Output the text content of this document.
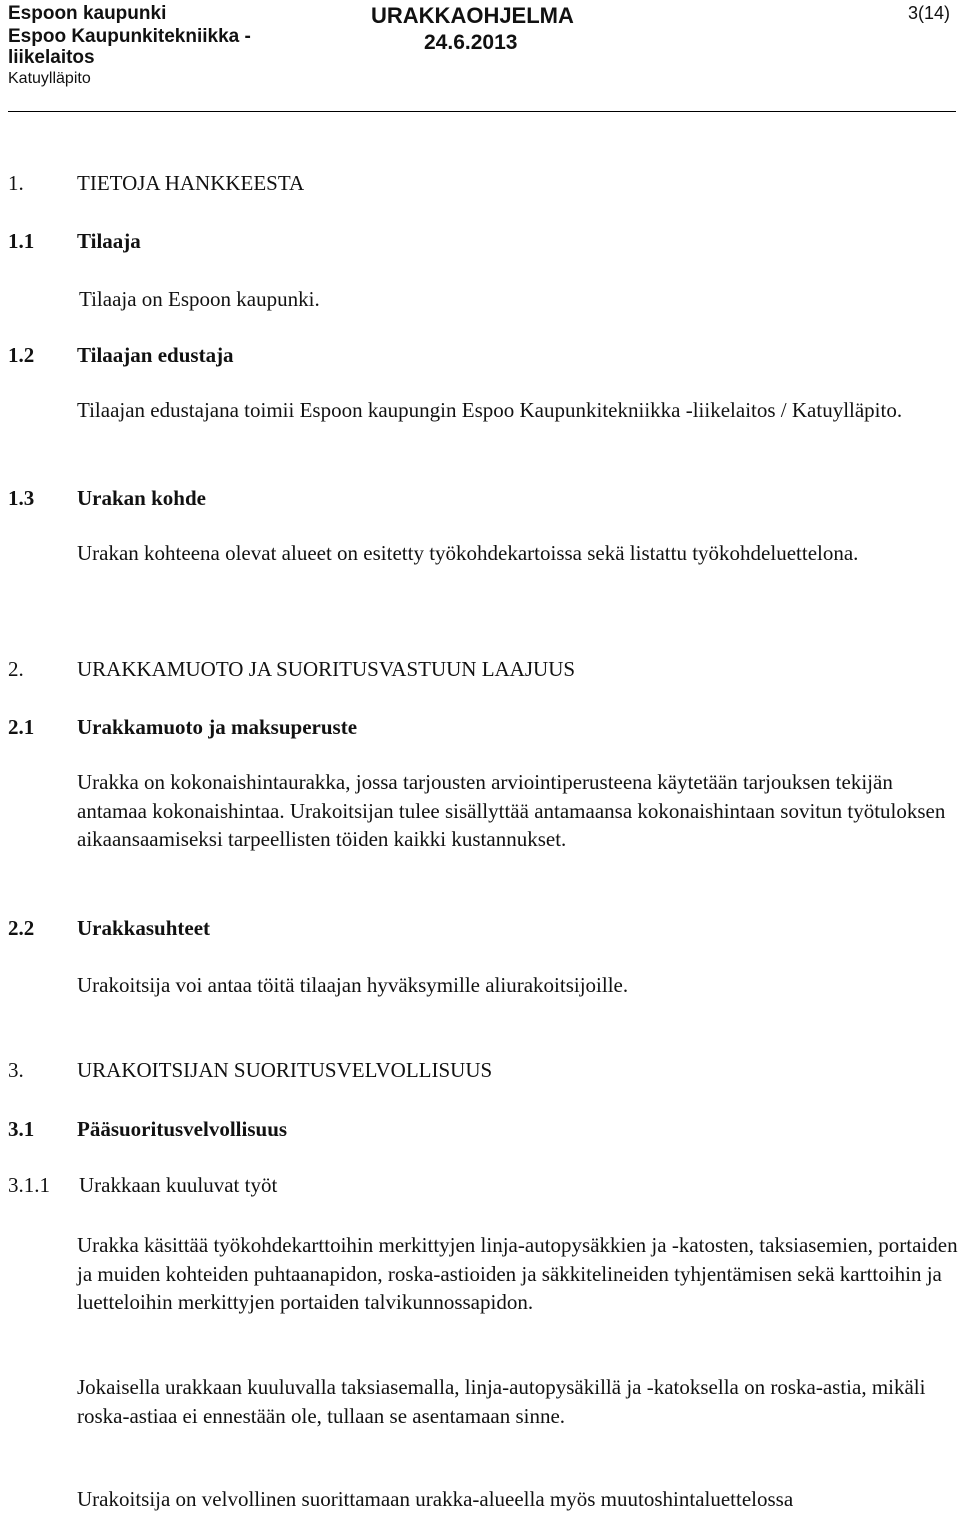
Espoon kaupunki
Espoo Kaupunkitekniikka -
liikelaitos
Katuylläpito
URAKKAOHJELMA
24.6.2013
3(14)
1.	TIETOJA HANKKEESTA
1.1 Tilaaja
Tilaaja on Espoon kaupunki.
1.2 Tilaajan edustaja
Tilaajan edustajana toimii Espoon kaupungin Espoo Kaupunkitekniikka -liikelaitos / Katuylläpito.
1.3 Urakan kohde
Urakan kohteena olevat alueet on esitetty työkohdekartoissa sekä listattu työkohdeluettelona.
2.	URAKKAMUOTO JA SUORITUSVASTUUN LAAJUUS
2.1 Urakkamuoto ja maksuperuste
Urakka on kokonaishintaurakka, jossa tarjousten arviointiperusteena käytetään tarjouksen tekijän antamaa kokonaishintaa. Urakoitsijan tulee sisällyttää antamaansa kokonaishintaan sovitun työtuloksen aikaansaamiseksi tarpeellisten töiden kaikki kustannukset.
2.2 Urakkasuhteet
Urakoitsija voi antaa töitä tilaajan hyväksymille aliurakoitsijoille.
3.	URAKOITSIJAN SUORITUSVELVOLLISUUS
3.1 Pääsuoritusvelvollisuus
3.1.1 Urakkaan kuuluvat työt
Urakka käsittää työkohdekarttoihin merkittyjen linja-autopysäkkien ja -katosten, taksiasemien, portaiden ja muiden kohteiden puhtaanapidon, roska-astioiden ja säkkitelineiden tyhjentämisen sekä karttoihin ja luetteloihin merkittyjen portaiden talvikunnossapidon.
Jokaisella urakkaan kuuluvalla taksiasemalla, linja-autopysäkillä ja -katoksella on roska-astia, mikäli roska-astiaa ei ennestään ole, tullaan se asentamaan sinne.
Urakoitsija on velvollinen suorittamaan urakka-alueella myös muutoshintaluettelossa
